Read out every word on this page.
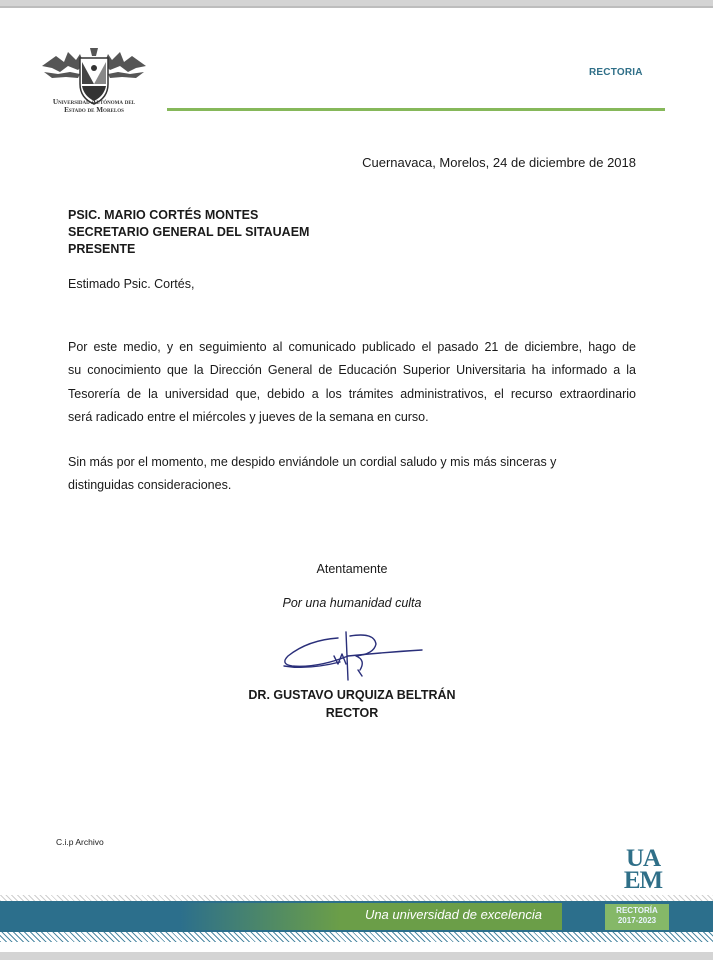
Universidad Autónoma del
Estado de Morelos
RECTORIA
Cuernavaca, Morelos, 24 de diciembre de 2018
PSIC. MARIO CORTÉS MONTES
SECRETARIO GENERAL DEL SITAUAEM
PRESENTE
Estimado Psic. Cortés,
Por este medio, y en seguimiento al comunicado publicado el pasado 21 de diciembre, hago de
su conocimiento que la Dirección General de Educación Superior Universitaria ha informado a la
Tesorería de la universidad que, debido a los trámites administrativos, el recurso extraordinario
será radicado entre el miércoles y jueves de la semana en curso.
Sin más por el momento, me despido enviándole un cordial saludo y mis más sinceras y
distinguidas consideraciones.
Atentamente
Por una humanidad culta
DR. GUSTAVO URQUIZA BELTRÁN
RECTOR
C.i.p Archivo
UA
EM
Una universidad de excelencia	RECTORÍA
2017-2023
